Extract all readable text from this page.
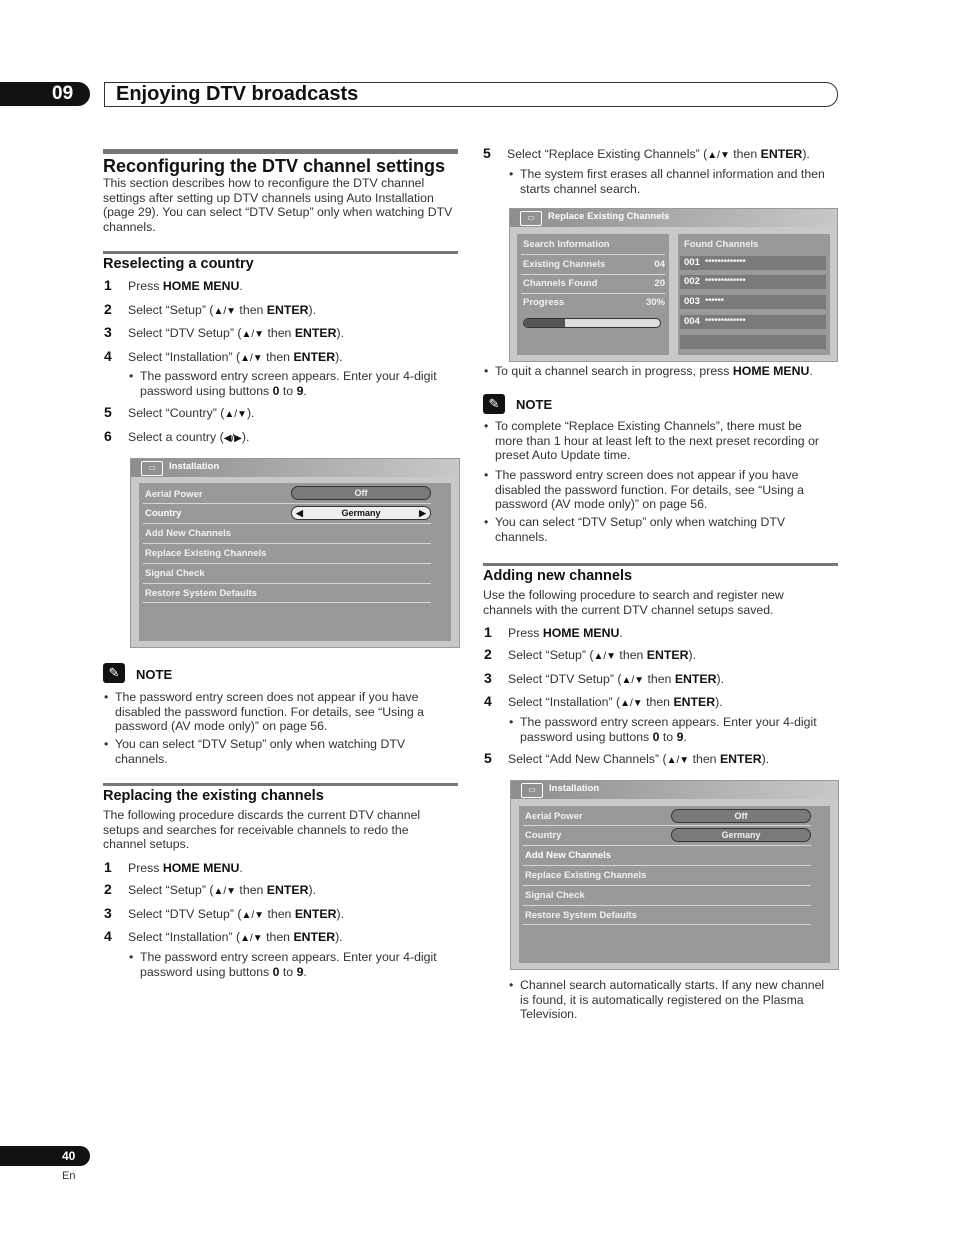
09	Enjoying DTV broadcasts
Reconfiguring the DTV channel settings
This section describes how to reconfigure the DTV channel
settings after setting up DTV channels using Auto Installation
(page 29). You can select “DTV Setup” only when watching DTV
channels.
Reselecting a country
1 Press HOME MENU.
2 Select “Setup” (▲/▼ then ENTER).
3 Select “DTV Setup” (▲/▼ then ENTER).
4 Select “Installation” (▲/▼ then ENTER).
• The password entry screen appears. Enter your 4-digit
password using buttons 0 to 9.
5 Select “Country” (▲/▼).
6 Select a country (◀/▶).
▭	Installation
Aerial Power	Off
Country	◀	Germany	▶
Add New Channels
Replace Existing Channels
Signal Check
Restore System Defaults
✎	NOTE
• The password entry screen does not appear if you have
disabled the password function. For details, see “Using a
password (AV mode only)” on page 56.
• You can select “DTV Setup” only when watching DTV
channels.
Replacing the existing channels
The following procedure discards the current DTV channel
setups and searches for receivable channels to redo the
channel setups.
1 Press HOME MENU.
2 Select “Setup” (▲/▼ then ENTER).
3 Select “DTV Setup” (▲/▼ then ENTER).
4 Select “Installation” (▲/▼ then ENTER).
• The password entry screen appears. Enter your 4-digit
password using buttons 0 to 9.
5 Select “Replace Existing Channels” (▲/▼ then ENTER).
• The system first erases all channel information and then
starts channel search.
▭	Replace Existing Channels
Search Information
Existing Channels	04
Channels Found	20
Progress	30%
Found Channels
001 *************
002 *************
003 ******
004 *************
• To quit a channel search in progress, press HOME MENU.
✎	NOTE
• To complete “Replace Existing Channels”, there must be
more than 1 hour at least left to the next preset recording or
preset Auto Update time.
• The password entry screen does not appear if you have
disabled the password function. For details, see “Using a
password (AV mode only)” on page 56.
• You can select “DTV Setup” only when watching DTV
channels.
Adding new channels
Use the following procedure to search and register new
channels with the current DTV channel setups saved.
1 Press HOME MENU.
2 Select “Setup” (▲/▼ then ENTER).
3 Select “DTV Setup” (▲/▼ then ENTER).
4 Select “Installation” (▲/▼ then ENTER).
• The password entry screen appears. Enter your 4-digit
password using buttons 0 to 9.
5 Select “Add New Channels” (▲/▼ then ENTER).
▭	Installation
Aerial Power	Off
Country	Germany
Add New Channels
Replace Existing Channels
Signal Check
Restore System Defaults
• Channel search automatically starts. If any new channel
is found, it is automatically registered on the Plasma
Television.
40
En
